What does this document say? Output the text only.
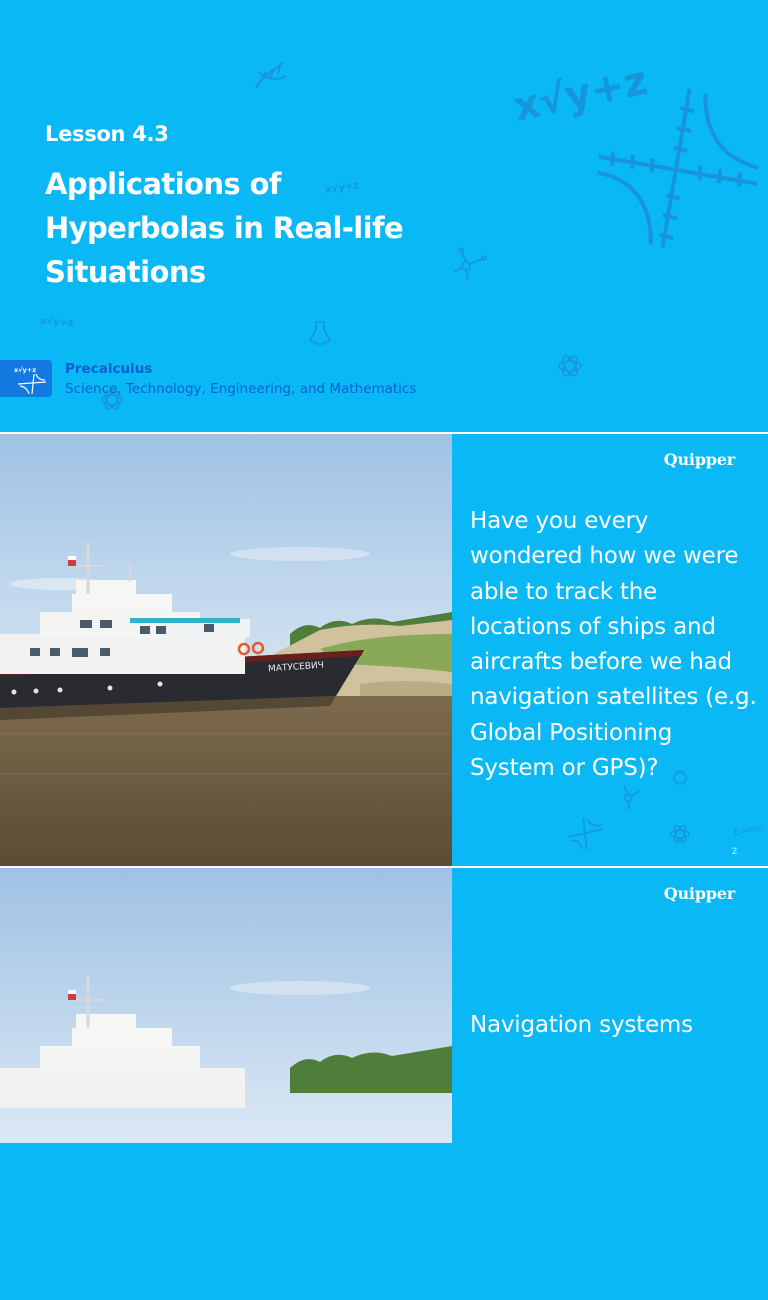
x√y+z
x√y+z
x√y+z
Lesson 4.3
Applications of
Hyperbolas in Real-life
Situations
x√y+z Precalculus
Science, Technology, Engineering, and Mathematics
МАТУСЕВИЧ
Quipper

Have you every wondered how we were able to track the locations of ships and aircrafts before we had navigation satellites (e.g. Global Positioning System or GPS)?

E=mc²
2
Quipper

Navigation systems
